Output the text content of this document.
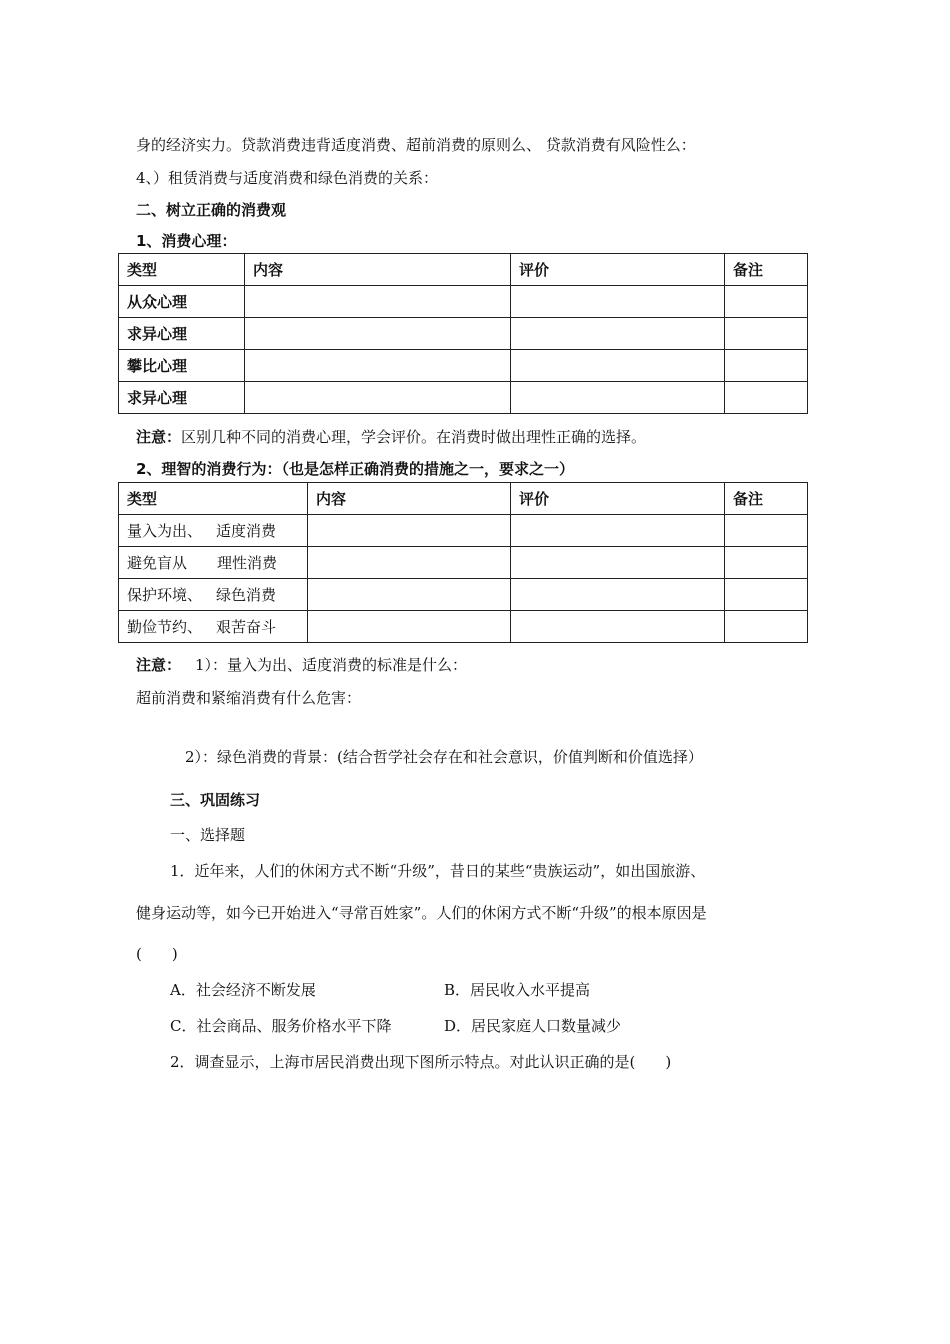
身的经济实力。贷款消费违背适度消费、超前消费的原则么、 贷款消费有风险性么：
4、）租赁消费与适度消费和绿色消费的关系：
二、树立正确的消费观
1、消费心理：
类型	内容	评价	备注
从众心理			
求异心理			
攀比心理			
求异心理			
注意：区别几种不同的消费心理，学会评价。在消费时做出理性正确的选择。
2、理智的消费行为：（也是怎样正确消费的措施之一，要求之一）
类型	内容	评价	备注
量入为出、 适度消费			
避免盲从 理性消费			
保护环境、 绿色消费			
勤俭节约、 艰苦奋斗			
注意： 1）：量入为出、适度消费的标准是什么：
超前消费和紧缩消费有什么危害：
2）：绿色消费的背景：(结合哲学社会存在和社会意识，价值判断和价值选择）
三、巩固练习
一、选择题
1．近年来，人们的休闲方式不断“升级”，昔日的某些“贵族运动”，如出国旅游、
健身运动等，如今已开始进入“寻常百姓家”。人们的休闲方式不断“升级”的根本原因是
(　　)
A．社会经济不断发展	B．居民收入水平提高
C．社会商品、服务价格水平下降	D．居民家庭人口数量减少
2．调查显示，上海市居民消费出现下图所示特点。对此认识正确的是(　　)
